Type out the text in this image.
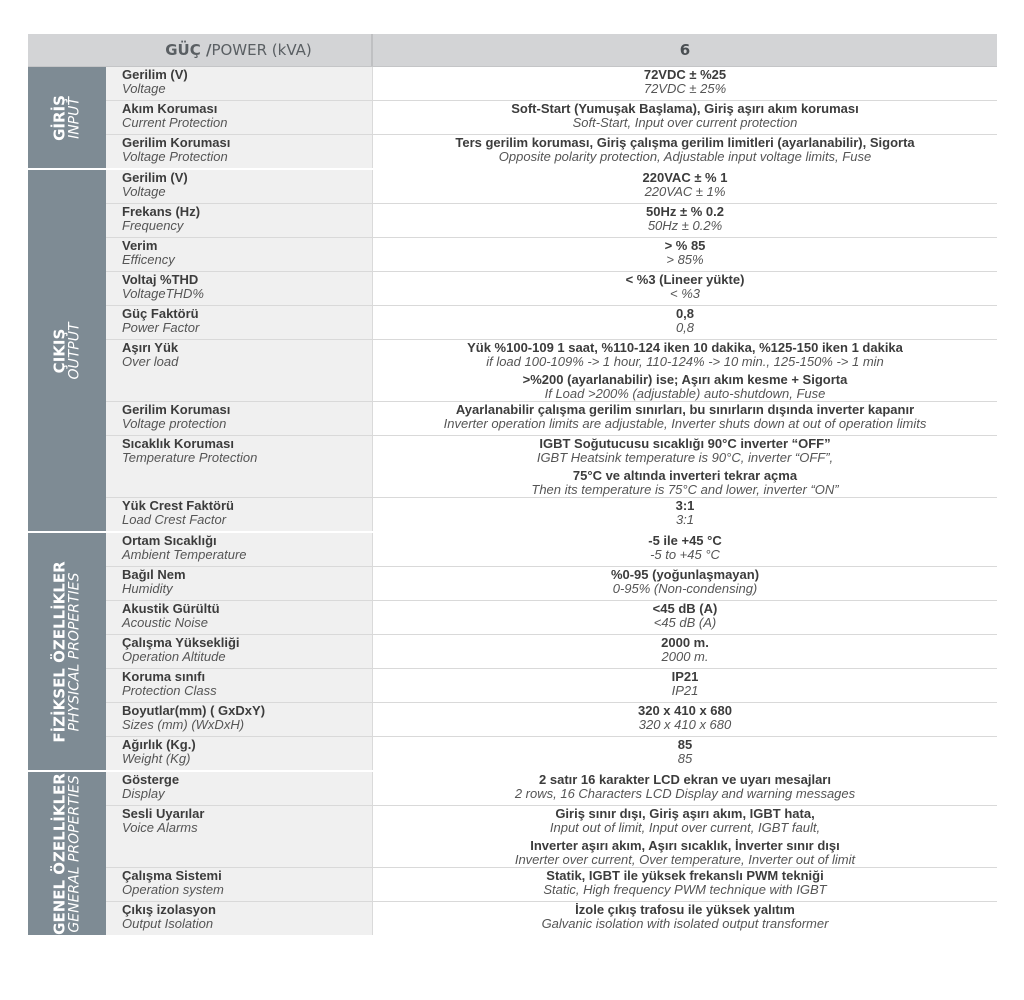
GÜÇ / POWER (kVA)	6
GİRİŞ
INPUT
Gerilim (V)
Voltage
72VDC ± %25
72VDC ± 25%
Akım Koruması
Current Protection
Soft-Start (Yumuşak Başlama), Giriş aşırı akım koruması
Soft-Start, Input over current protection
Gerilim Koruması
Voltage Protection
Ters gerilim koruması, Giriş çalışma gerilim limitleri (ayarlanabilir), Sigorta
Opposite polarity protection, Adjustable input voltage limits, Fuse
ÇIKIŞ
OUTPUT
Gerilim (V)
Voltage
220VAC ± % 1
220VAC ± 1%
Frekans (Hz)
Frequency
50Hz ± % 0.2
50Hz ± 0.2%
Verim
Efficency
> % 85
> 85%
Voltaj %THD
VoltageTHD%
< %3 (Lineer yükte)
< %3
Güç Faktörü
Power Factor
0,8
0,8
Aşırı Yük
Over load
Yük %100-109 1 saat, %110-124 iken 10 dakika, %125-150 iken 1 dakika
if load 100-109% -> 1 hour, 110-124% -> 10 min., 125-150% -> 1 min
>%200 (ayarlanabilir) ise; Aşırı akım kesme + Sigorta
If Load >200% (adjustable) auto-shutdown, Fuse
Gerilim Koruması
Voltage protection
Ayarlanabilir çalışma gerilim sınırları, bu sınırların dışında inverter kapanır
Inverter operation limits are adjustable, Inverter shuts down at out of operation limits
Sıcaklık Koruması
Temperature Protection
IGBT Soğutucusu sıcaklığı 90°C inverter “OFF”
IGBT Heatsink temperature is 90°C, inverter “OFF”,
75°C ve altında inverteri tekrar açma
Then its temperature is 75°C and lower, inverter “ON”
Yük Crest Faktörü
Load Crest Factor
3:1
3:1
FİZİKSEL ÖZELLİKLER
PHYSICAL PROPERTIES
Ortam Sıcaklığı
Ambient Temperature
-5 ile +45 °C
-5 to +45 °C
Bağıl Nem
Humidity
%0-95 (yoğunlaşmayan)
0-95% (Non-condensing)
Akustik Gürültü
Acoustic Noise
<45 dB (A)
<45 dB (A)
Çalışma Yüksekliği
Operation Altitude
2000 m.
2000 m.
Koruma sınıfı
Protection Class
IP21
IP21
Boyutlar(mm) ( GxDxY)
Sizes (mm) (WxDxH)
320 x 410 x 680
320 x 410 x 680
Ağırlık (Kg.)
Weight (Kg)
85
85
GENEL ÖZELLİKLER
GENERAL PROPERTIES	Gösterge
Display
2 satır 16 karakter LCD ekran ve uyarı mesajları
2 rows, 16 Characters LCD Display and warning messages
Sesli Uyarılar
Voice Alarms
Giriş sınır dışı, Giriş aşırı akım, IGBT hata,
Input out of limit, Input over current, IGBT fault,
Inverter aşırı akım, Aşırı sıcaklık, İnverter sınır dışı
Inverter over current, Over temperature, Inverter out of limit
Çalışma Sistemi
Operation system
Statik, IGBT ile yüksek frekanslı PWM tekniği
Static, High frequency PWM technique with IGBT
Çıkış izolasyon
Output Isolation
İzole çıkış trafosu ile yüksek yalıtım
Galvanic isolation with isolated output transformer
